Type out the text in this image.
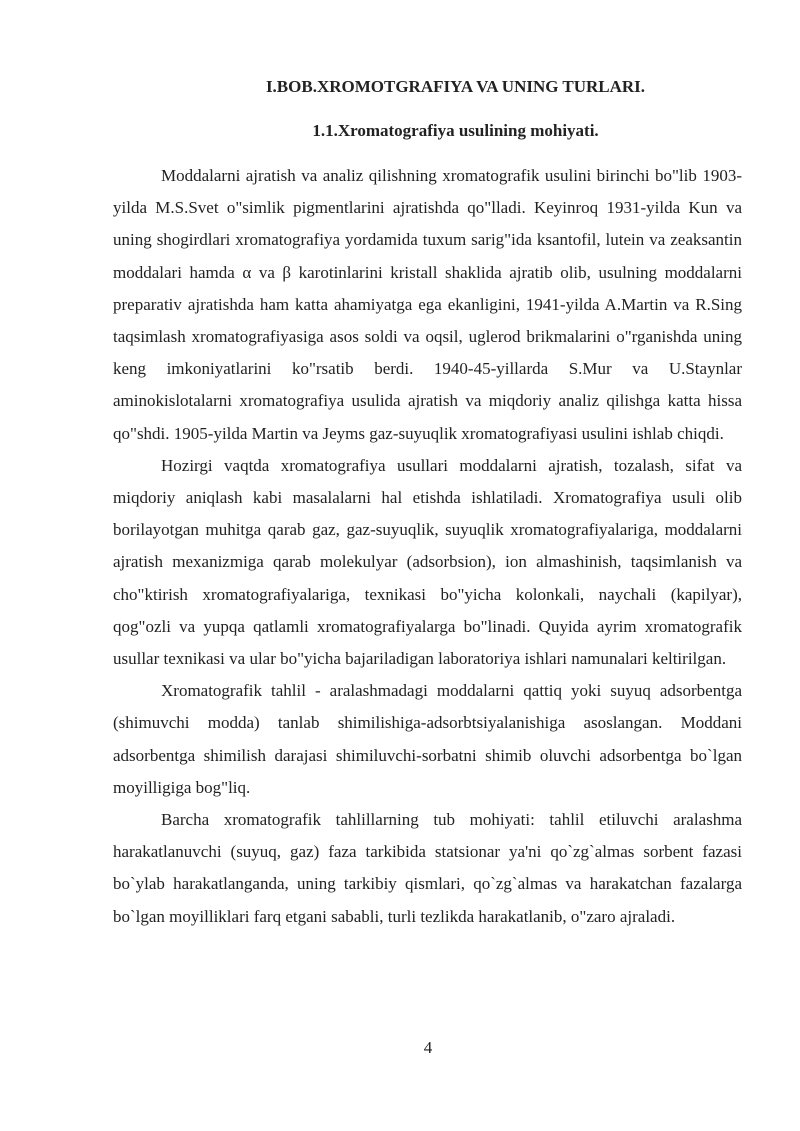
I.BOB.XROMOTGRAFIYA VA UNING TURLARI.
1.1.Xromatografiya usulining mohiyati.

Moddalarni ajratish va analiz qilishning xromatografik usulini birinchi bo"lib 1903-yilda M.S.Svet o"simlik pigmentlarini ajratishda qo"lladi. Keyinroq 1931-yilda Kun va uning shogirdlari xromatografiya yordamida tuxum sarig"ida ksantofil, lutein va zeaksantin moddalari hamda α va β karotinlarini kristall shaklida ajratib olib, usulning moddalarni preparativ ajratishda ham katta ahamiyatga ega ekanligini, 1941-yilda A.Martin va R.Sing taqsimlash xromatografiyasiga asos soldi va oqsil, uglerod brikmalarini o"rganishda uning keng imkoniyatlarini ko"rsatib berdi. 1940-45-yillarda S.Mur va U.Staynlar aminokislotalarni xromatografiya usulida ajratish va miqdoriy analiz qilishga katta hissa qo"shdi. 1905-yilda Martin va Jeyms gaz-suyuqlik xromatografiyasi usulini ishlab chiqdi.

Hozirgi vaqtda xromatografiya usullari moddalarni ajratish, tozalash, sifat va miqdoriy aniqlash kabi masalalarni hal etishda ishlatiladi. Xromatografiya usuli olib borilayotgan muhitga qarab gaz, gaz-suyuqlik, suyuqlik xromatografiyalariga, moddalarni ajratish mexanizmiga qarab molekulyar (adsorbsion), ion almashinish, taqsimlanish va cho"ktirish xromatografiyalariga, texnikasi bo"yicha kolonkali, naychali (kapilyar), qog"ozli va yupqa qatlamli xromatografiyalarga bo"linadi. Quyida ayrim xromatografik usullar texnikasi va ular bo"yicha bajariladigan laboratoriya ishlari namunalari keltirilgan.

Xromatografik tahlil - aralashmadagi moddalarni qattiq yoki suyuq adsorbentga (shimuvchi modda) tanlab shimilishiga-adsorbtsiyalanishiga asoslangan. Moddani adsorbentga shimilish darajasi shimiluvchi-sorbatni shimib oluvchi adsorbentga bo`lgan moyilligiga bog"liq.

Barcha xromatografik tahlillarning tub mohiyati: tahlil etiluvchi aralashma harakatlanuvchi (suyuq, gaz) faza tarkibida statsionar ya'ni qo`zg`almas sorbent fazasi bo`ylab harakatlanganda, uning tarkibiy qismlari, qo`zg`almas va harakatchan fazalarga bo`lgan moyilliklari farq etgani sababli, turli tezlikda harakatlanib, o"zaro ajraladi.

4
